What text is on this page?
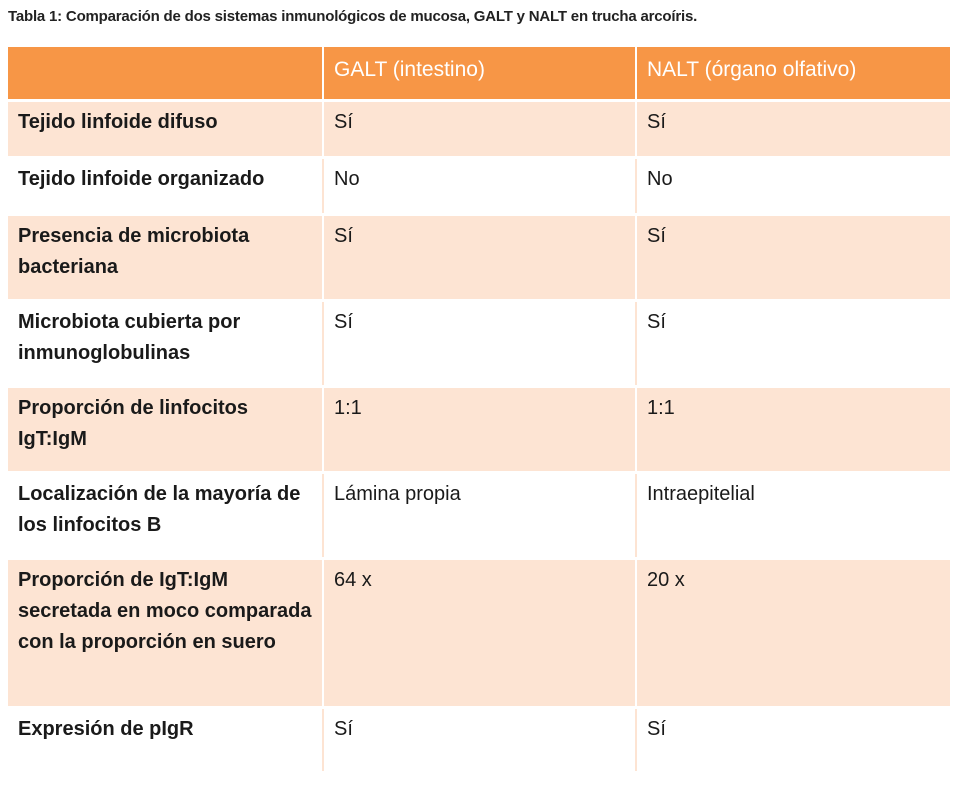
Tabla 1: Comparación de dos sistemas inmunológicos de mucosa, GALT y NALT en trucha arcoíris.
	GALT (intestino)	NALT (órgano olfativo)
Tejido linfoide difuso	Sí	Sí
Tejido linfoide organizado	No	No
Presencia de microbiota bacteriana	Sí	Sí
Microbiota cubierta por inmunoglobulinas	Sí	Sí
Proporción de linfocitos IgT:IgM	1:1	1:1
Localización de la mayoría de los linfocitos B	Lámina propia	Intraepitelial
Proporción de IgT:IgM secretada en moco comparada con la proporción en suero	64 x	20 x
Expresión de pIgR	Sí	Sí
